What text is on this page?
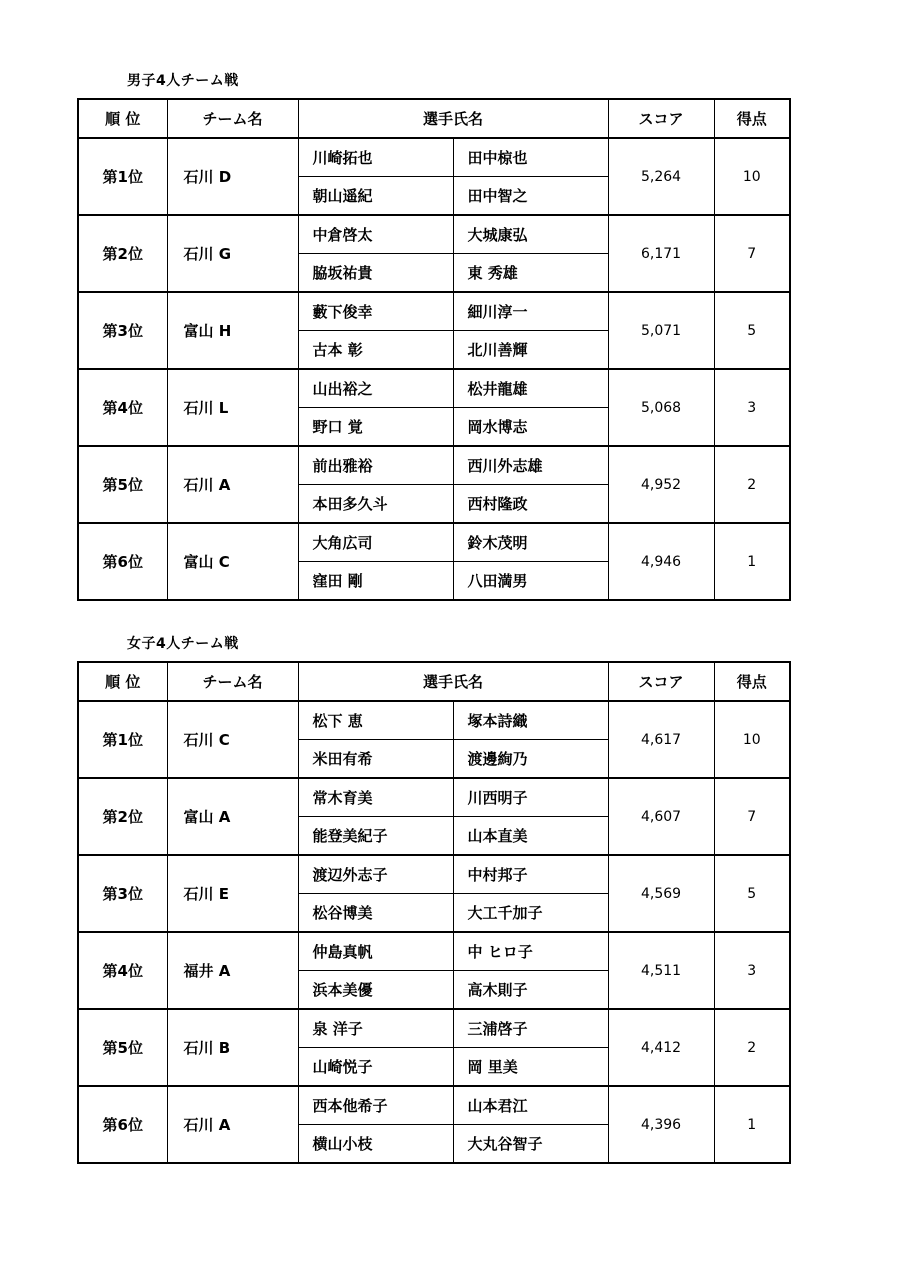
男子4人チーム戦
順 位	チーム名	選手氏名		スコア	得点
第1位	石川 D	川崎拓也	田中椋也	5,264	10
		朝山遥紀	田中智之		
第2位	石川 G	中倉啓太	大城康弘	6,171	7
		脇坂祐貴	東 秀雄		
第3位	富山 H	藪下俊幸	細川淳一	5,071	5
		古本 彰	北川善輝		
第4位	石川 L	山出裕之	松井龍雄	5,068	3
		野口 覚	岡水博志		
第5位	石川 A	前出雅裕	西川外志雄	4,952	2
		本田多久斗	西村隆政		
第6位	富山 C	大角広司	鈴木茂明	4,946	1
		窪田 剛	八田満男		
女子4人チーム戦
順 位	チーム名	選手氏名		スコア	得点
第1位	石川 C	松下 恵	塚本詩織	4,617	10
		米田有希	渡邊絢乃		
第2位	富山 A	常木育美	川西明子	4,607	7
		能登美紀子	山本直美		
第3位	石川 E	渡辺外志子	中村邦子	4,569	5
		松谷博美	大工千加子		
第4位	福井 A	仲島真帆	中 ヒロ子	4,511	3
		浜本美優	高木則子		
第5位	石川 B	泉 洋子	三浦啓子	4,412	2
		山崎悦子	岡 里美		
第6位	石川 A	西本他希子	山本君江	4,396	1
		横山小枝	大丸谷智子		
